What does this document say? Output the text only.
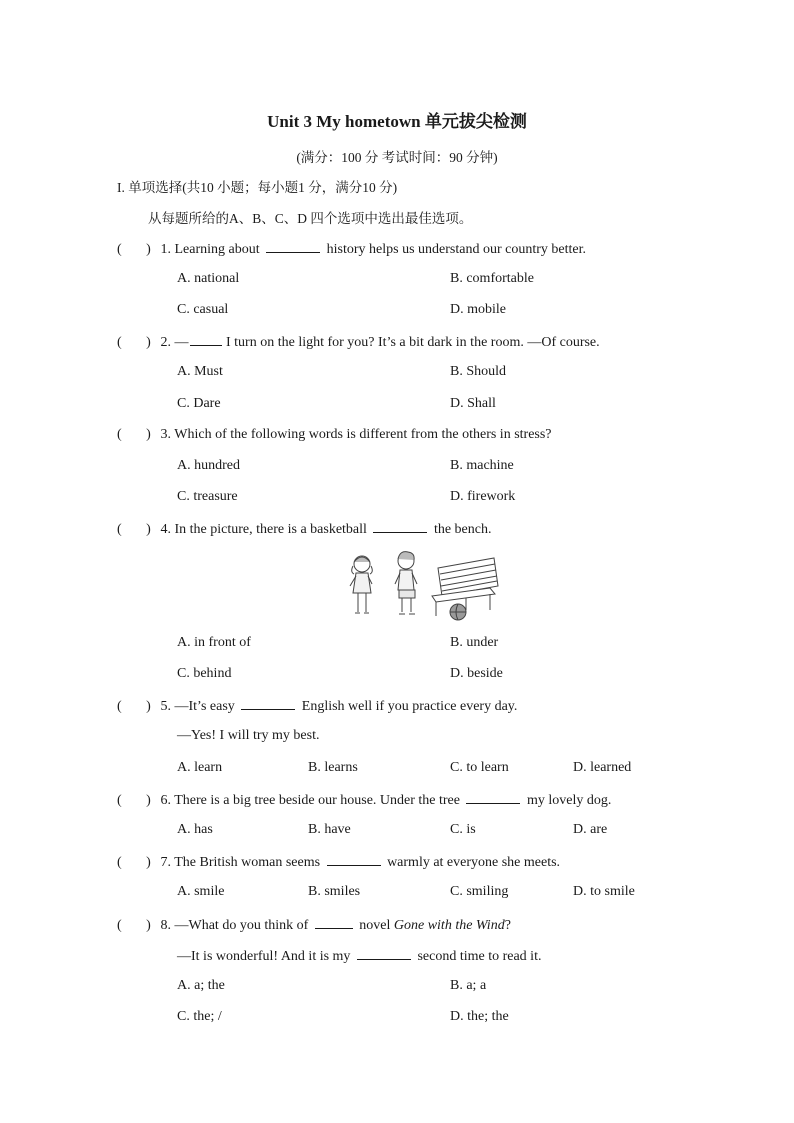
Unit 3 My hometown 单元拔尖检测
(满分：100 分 考试时间：90 分钟)
I. 单项选择(共10 小题；每小题1 分，满分10 分)
从每题所给的A、B、C、D 四个选项中选出最佳选项。
( ) 1. Learning about	history helps us understand our country better.
A. national	B. comfortable
C. casual	D. mobile
( ) 2. — I turn on the light for you? It’s a bit dark in the room. —Of course.
A. Must	B. Should
C. Dare	D. Shall
( ) 3. Which of the following words is different from the others in stress?
A. hundred	B. machine
C. treasure	D. firework
( ) 4. In the picture, there is a basketball	the bench.
A. in front of	B. under
C. behind	D. beside
( ) 5. —It’s easy	English well if you practice every day.
—Yes! I will try my best.
A. learn	B. learns	C. to learn	D. learned
( ) 6. There is a big tree beside our house. Under the tree	my lovely dog.
A. has	B. have	C. is	D. are
( ) 7. The British woman seems	warmly at everyone she meets.
A. smile	B. smiles	C. smiling	D. to smile
( ) 8. —What do you think of	novel Gone with the Wind?
—It is wonderful! And it is my	second time to read it.
A. a; the	B. a; a
C. the; /	D. the; the
